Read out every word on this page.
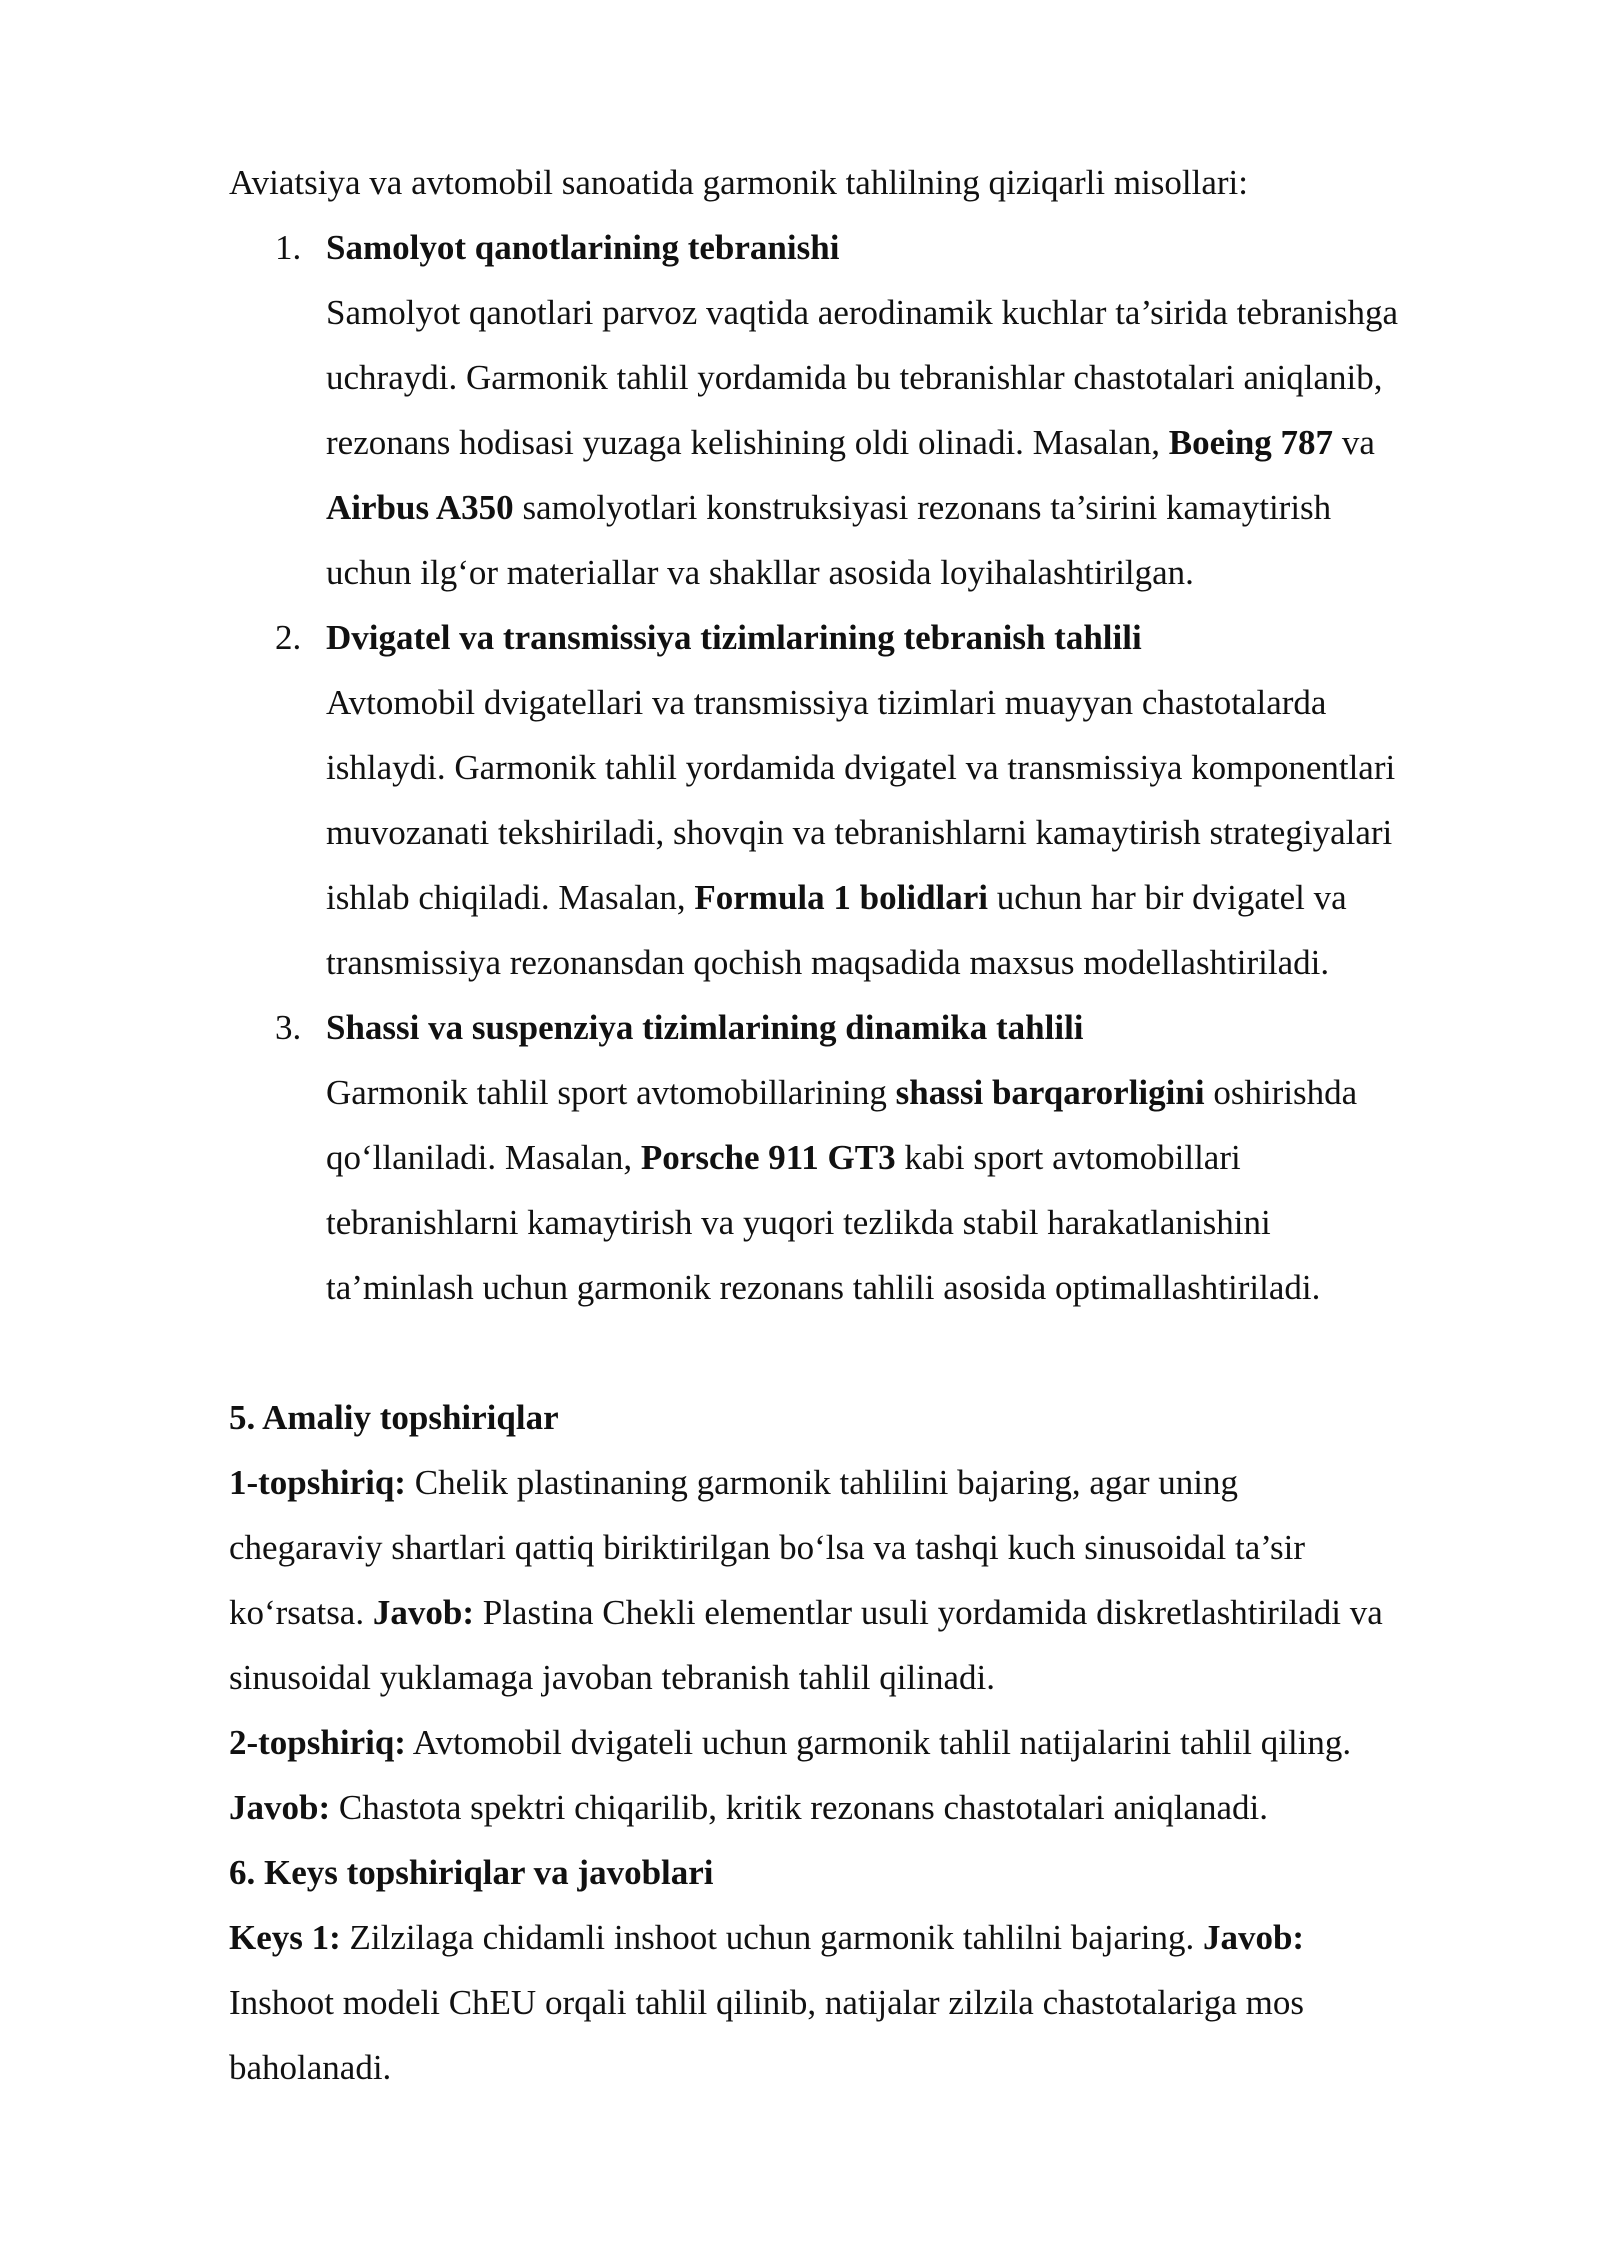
Aviatsiya va avtomobil sanoatida garmonik tahlilning qiziqarli misollari:
1. Samolyot qanotlarining tebranishi
Samolyot qanotlari parvoz vaqtida aerodinamik kuchlar ta’sirida tebranishga
uchraydi. Garmonik tahlil yordamida bu tebranishlar chastotalari aniqlanib,
rezonans hodisasi yuzaga kelishining oldi olinadi. Masalan, Boeing 787 va
Airbus A350 samolyotlari konstruksiyasi rezonans ta’sirini kamaytirish
uchun ilg‘or materiallar va shakllar asosida loyihalashtirilgan.
2. Dvigatel va transmissiya tizimlarining tebranish tahlili
Avtomobil dvigatellari va transmissiya tizimlari muayyan chastotalarda
ishlaydi. Garmonik tahlil yordamida dvigatel va transmissiya komponentlari
muvozanati tekshiriladi, shovqin va tebranishlarni kamaytirish strategiyalari
ishlab chiqiladi. Masalan, Formula 1 bolidlari uchun har bir dvigatel va
transmissiya rezonansdan qochish maqsadida maxsus modellashtiriladi.
3. Shassi va suspenziya tizimlarining dinamika tahlili
Garmonik tahlil sport avtomobillarining shassi barqarorligini oshirishda
qo‘llaniladi. Masalan, Porsche 911 GT3 kabi sport avtomobillari
tebranishlarni kamaytirish va yuqori tezlikda stabil harakatlanishini
ta’minlash uchun garmonik rezonans tahlili asosida optimallashtiriladi.
5. Amaliy topshiriqlar
1-topshiriq: Chelik plastinaning garmonik tahlilini bajaring, agar uning
chegaraviy shartlari qattiq biriktirilgan bo‘lsa va tashqi kuch sinusoidal ta’sir
ko‘rsatsa. Javob: Plastina Chekli elementlar usuli yordamida diskretlashtiriladi va
sinusoidal yuklamaga javoban tebranish tahlil qilinadi.
2-topshiriq: Avtomobil dvigateli uchun garmonik tahlil natijalarini tahlil qiling.
Javob: Chastota spektri chiqarilib, kritik rezonans chastotalari aniqlanadi.
6. Keys topshiriqlar va javoblari
Keys 1: Zilzilaga chidamli inshoot uchun garmonik tahlilni bajaring. Javob:
Inshoot modeli ChEU orqali tahlil qilinib, natijalar zilzila chastotalariga mos
baholanadi.
